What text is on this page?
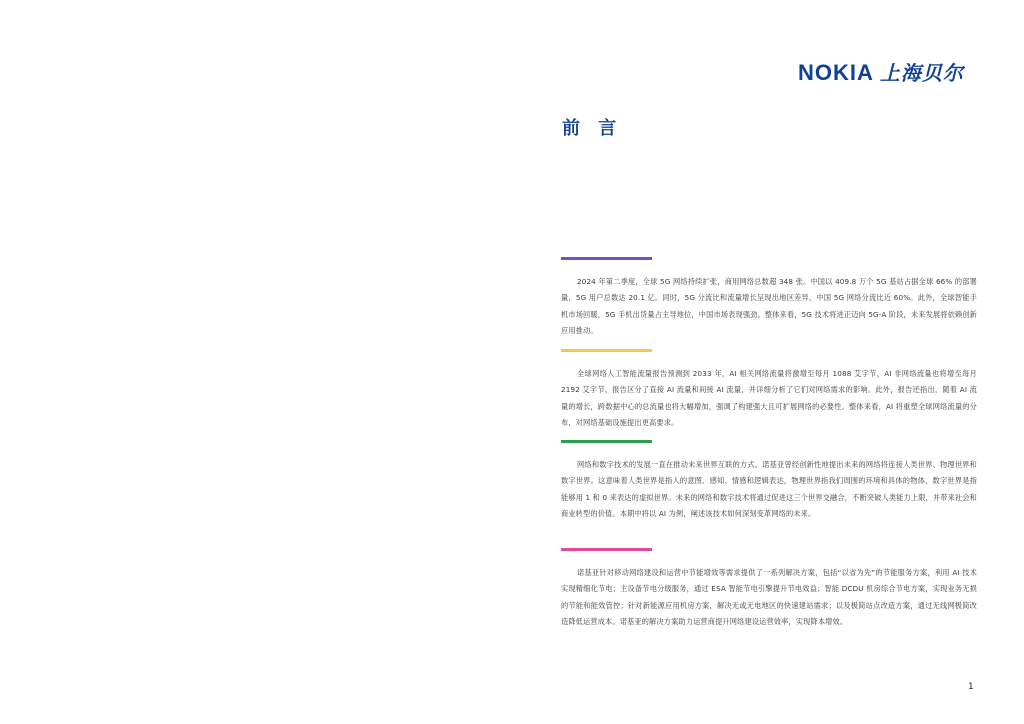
NOKIA 上海贝尔
前 言
2024 年第二季度，全球 5G 网络持续扩张，商用网络总数超 348 张。中国以 409.8 万个 5G 基站占据全球 66% 的部署量，5G 用户总数达 20.1 亿。同时，5G 分流比和流量增长呈现出地区差异，中国 5G 网络分流比近 60%。此外，全球智能手机市场回暖，5G 手机出货量占主导地位，中国市场表现强劲。整体来看，5G 技术将进正迈向 5G-A 阶段，未来发展将依赖创新应用推动。
全球网络人工智能流量报告预测到 2033 年，AI 相关网络流量将激增至每月 1088 艾字节，AI 非网络流量也将增至每月 2192 艾字节。报告区分了直接 AI 流量和间接 AI 流量，并详细分析了它们对网络需求的影响。此外，报告还指出，随着 AI 流量的增长，跨数据中心的总流量也将大幅增加，强调了构建强大且可扩展网络的必要性。整体来看，AI 将重塑全球网络流量的分布，对网络基础设施提出更高要求。
网络和数字技术的发展一直在推动未来世界互联的方式。诺基亚曾经创新性地提出未来的网络将连接人类世界、物理世界和数字世界。这意味着人类世界是指人的意图、感知、情感和逻辑表达，物理世界指我们周围的环境和具体的物体，数字世界是指能够用 1 和 0 来表达的虚拟世界。未来的网络和数字技术将通过促进这三个世界交融合，不断突破人类能力上限，并带来社会和商业转型的价值。本期中将以 AI 为例，阐述该技术如何深刻变革网络的未来。
诺基亚针对移动网络建设和运营中节能增效等需求提供了一系列解决方案，包括“以省为先”的节能服务方案，利用 AI 技术实现精细化节电；主设备节电分级服务，通过 ESA 智能节电引擎提升节电效益；智能 DCDU 机房综合节电方案，实现业务无损的节能和能效管控；针对新能源应用机房方案，解决无或无电地区的快速建站需求；以及极简站点改造方案，通过无线网极简改造降低运营成本。诺基亚的解决方案助力运营商提升网络建设运营效率，实现降本增效。
1
